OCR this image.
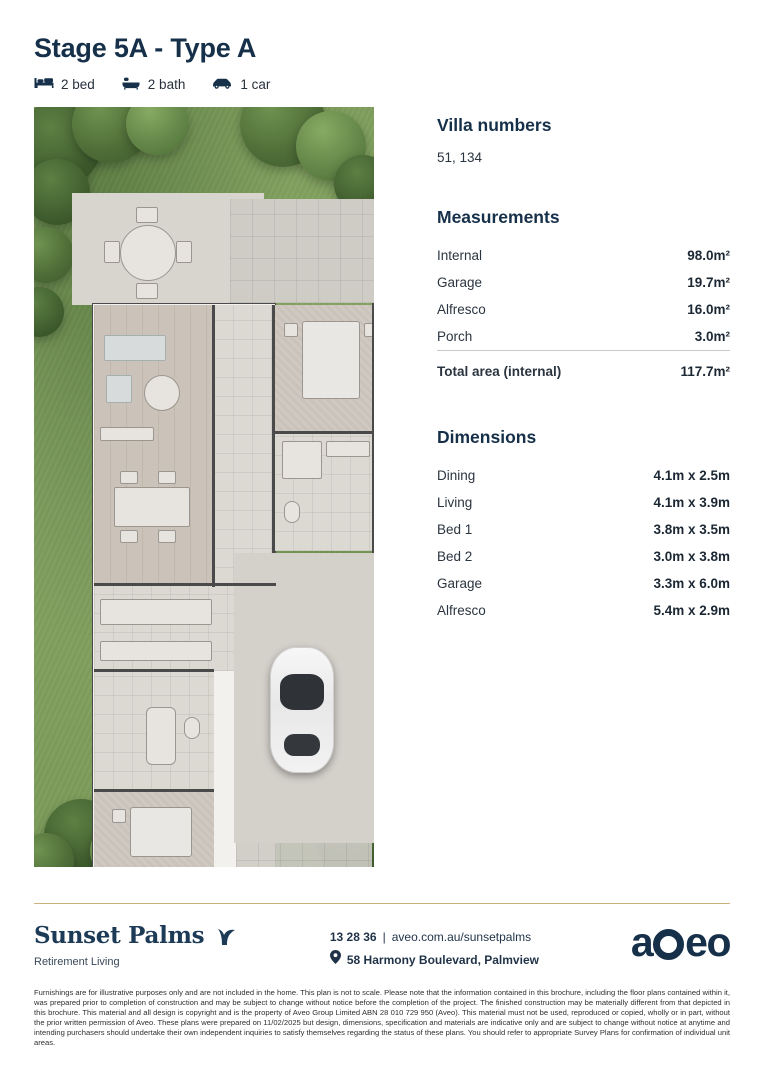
Stage 5A - Type A
2 bed	2 bath	1 car
Villa numbers

51, 134

Measurements
Internal	98.0m²
Garage	19.7m²
Alfresco	16.0m²
Porch	3.0m²
Total area (internal)	117.7m²
Dimensions
Dining	4.1m x 2.5m
Living	4.1m x 3.9m
Bed 1	3.8m x 3.5m
Bed 2	3.0m x 3.8m
Garage	3.3m x 6.0m
Alfresco	5.4m x 2.9m
Sunset Palms
Retirement Living
13 28 36 | aveo.com.au/sunsetpalms
58 Harmony Boulevard, Palmview a e o
Furnishings are for illustrative purposes only and are not included in the home. This plan is not to scale. Please note that the information contained in this brochure, including the floor plans contained within it, was prepared prior to completion of construction and may be subject to change without notice before the completion of the project. The finished construction may be materially different from that depicted in this brochure. This material and all design is copyright and is the property of Aveo Group Limited ABN 28 010 729 950 (Aveo). This material must not be used, reproduced or copied, wholly or in part, without the prior written permission of Aveo. These plans were prepared on 11/02/2025 but design, dimensions, specification and materials are indicative only and are subject to change without notice at anytime and intending purchasers should undertake their own independent inquiries to satisfy themselves regarding the status of these plans. You should refer to appropriate Survey Plans for confirmation of individual unit areas.
